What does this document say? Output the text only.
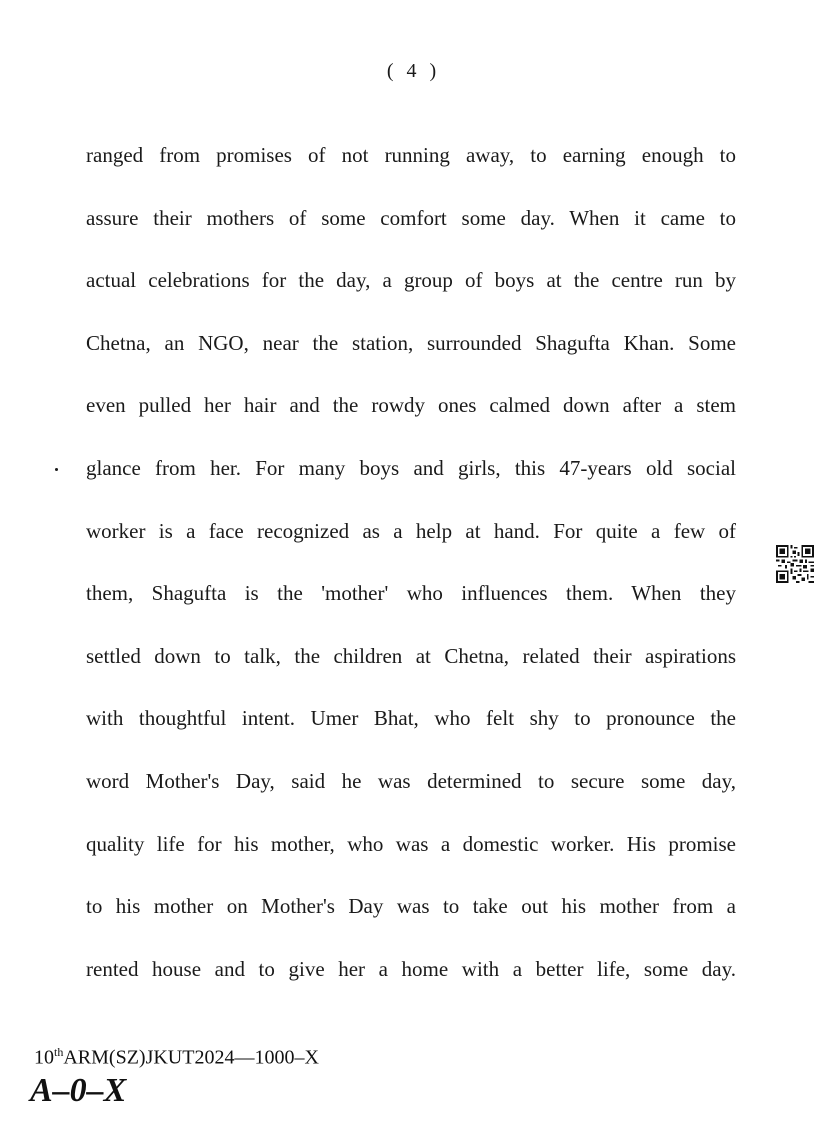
( 4 )
ranged from promises of not running away, to earning enough to
assure their mothers of some comfort some day. When it came to
actual celebrations for the day, a group of boys at the centre run by
Chetna, an NGO, near the station, surrounded Shagufta Khan. Some
even pulled her hair and the rowdy ones calmed down after a stem
glance from her. For many boys and girls, this 47-years old social
worker is a face recognized as a help at hand. For quite a few of
them, Shagufta is the 'mother' who influences them. When they
settled down to talk, the children at Chetna, related their aspirations
with thoughtful intent. Umer Bhat, who felt shy to pronounce the
word Mother's Day, said he was determined to secure some day,
quality life for his mother, who was a domestic worker. His promise
to his mother on Mother's Day was to take out his mother from a
rented house and to give her a home with a better life, some day.
10thARM(SZ)JKUT2024—1000–X
A–0–X
